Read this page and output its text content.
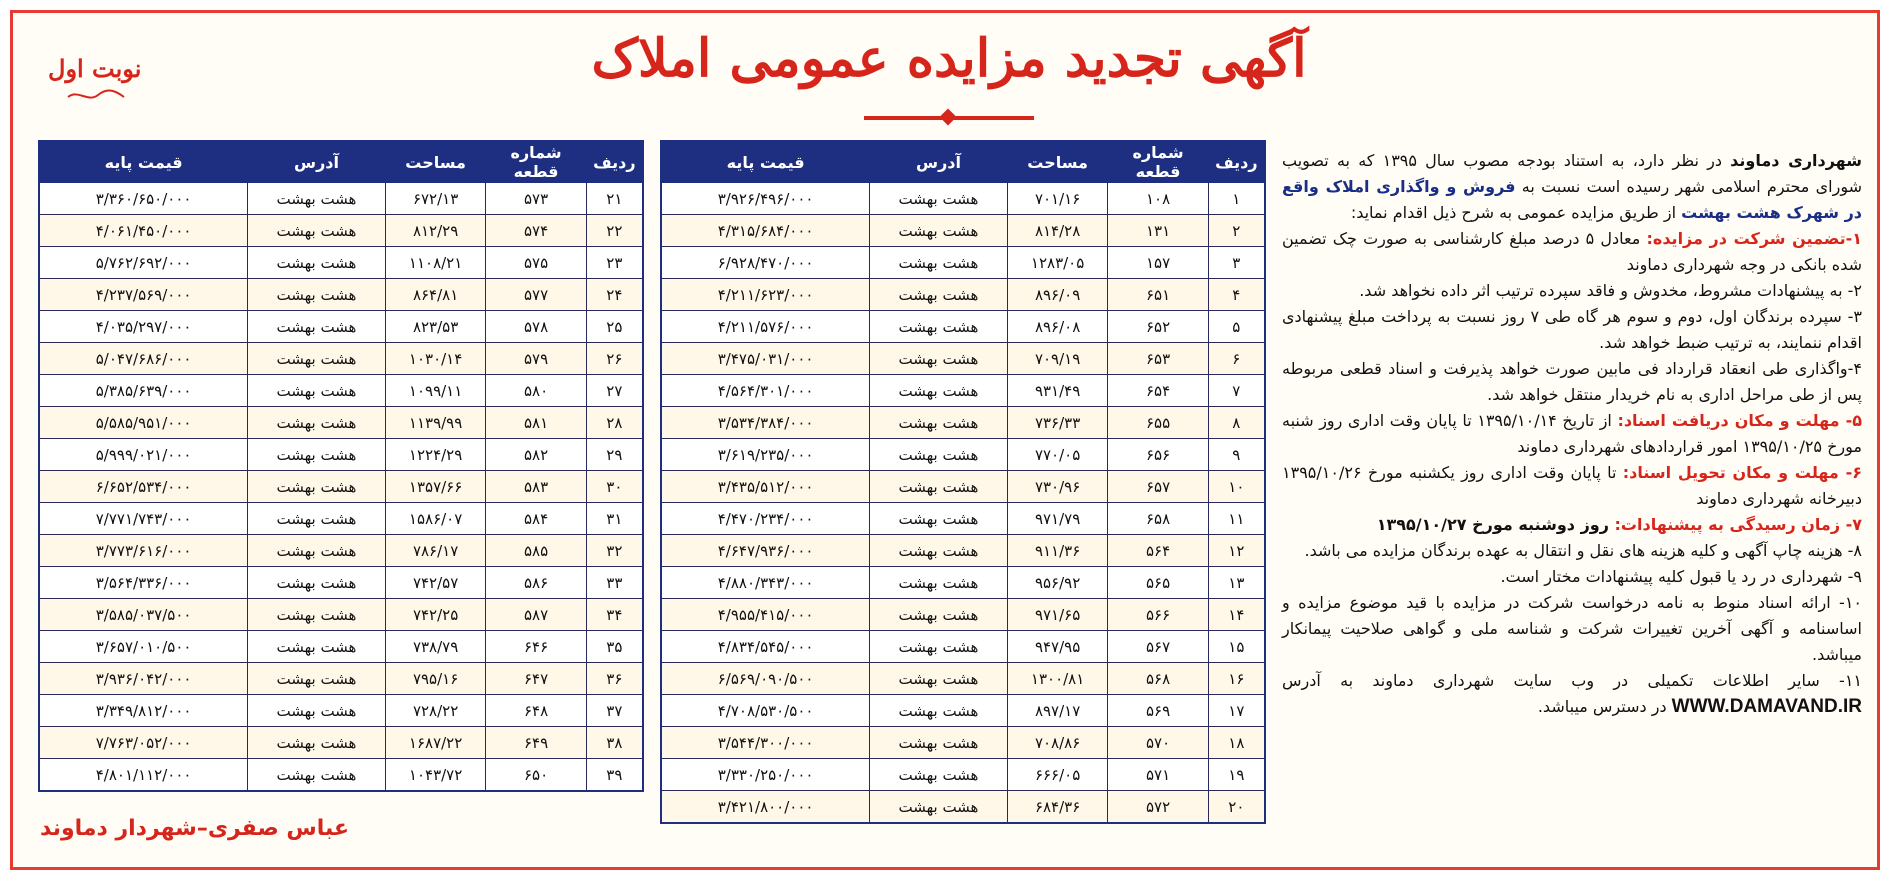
آگهی تجدید مزایده عمومی املاک
نوبت اول

شهرداری دماوند در نظر دارد، به استناد بودجه مصوب سال ۱۳۹۵ که به تصویب شورای محترم اسلامی شهر رسیده است نسبت به فروش و واگذاری املاک واقع در شهرک هشت بهشت از طریق مزایده عمومی به شرح ذیل اقدام نماید:

۱-تضمین شرکت در مزایده: معادل ۵ درصد مبلغ کارشناسی به صورت چک تضمین شده بانکی در وجه شهرداری دماوند

۲- به پیشنهادات مشروط، مخدوش و فاقد سپرده ترتیب اثر داده نخواهد شد.

۳- سپرده برندگان اول، دوم و سوم هر گاه طی ۷ روز نسبت به پرداخت مبلغ پیشنهادی اقدام ننمایند، به ترتیب ضبط خواهد شد.

۴-واگذاری طی انعقاد قرارداد فی مابین صورت خواهد پذیرفت و اسناد قطعی مربوطه پس از طی مراحل اداری به نام خریدار منتقل خواهد شد.

۵- مهلت و مکان دریافت اسناد: از تاریخ ۱۳۹۵/۱۰/۱۴ تا پایان وقت اداری روز شنبه مورخ ۱۳۹۵/۱۰/۲۵ امور قراردادهای شهرداری دماوند

۶- مهلت و مکان تحویل اسناد: تا پایان وقت اداری روز یکشنبه مورخ ۱۳۹۵/۱۰/۲۶ دبیرخانه شهرداری دماوند

۷- زمان رسیدگی به پیشنهادات: روز دوشنبه مورخ ۱۳۹۵/۱۰/۲۷

۸- هزینه چاپ آگهی و کلیه هزینه های نقل و انتقال به عهده برندگان مزایده می باشد.

۹- شهرداری در رد یا قبول کلیه پیشنهادات مختار است.

۱۰- ارائه اسناد منوط به نامه درخواست شرکت در مزایده با قید موضوع مزایده و اساسنامه و آگهی آخرین تغییرات شرکت و شناسه ملی و گواهی صلاحیت پیمانکار میباشد.

۱۱- سایر اطلاعات تکمیلی در وب سایت شهرداری دماوند به آدرس WWW.DAMAVAND.IR در دسترس میباشد.

ردیف	شماره قطعه	مساحت	آدرس	قیمت پایه
۱	۱۰۸	۷۰۱/۱۶	هشت بهشت	۳/۹۲۶/۴۹۶/۰۰۰
۲	۱۳۱	۸۱۴/۲۸	هشت بهشت	۴/۳۱۵/۶۸۴/۰۰۰
۳	۱۵۷	۱۲۸۳/۰۵	هشت بهشت	۶/۹۲۸/۴۷۰/۰۰۰
۴	۶۵۱	۸۹۶/۰۹	هشت بهشت	۴/۲۱۱/۶۲۳/۰۰۰
۵	۶۵۲	۸۹۶/۰۸	هشت بهشت	۴/۲۱۱/۵۷۶/۰۰۰
۶	۶۵۳	۷۰۹/۱۹	هشت بهشت	۳/۴۷۵/۰۳۱/۰۰۰
۷	۶۵۴	۹۳۱/۴۹	هشت بهشت	۴/۵۶۴/۳۰۱/۰۰۰
۸	۶۵۵	۷۳۶/۳۳	هشت بهشت	۳/۵۳۴/۳۸۴/۰۰۰
۹	۶۵۶	۷۷۰/۰۵	هشت بهشت	۳/۶۱۹/۲۳۵/۰۰۰
۱۰	۶۵۷	۷۳۰/۹۶	هشت بهشت	۳/۴۳۵/۵۱۲/۰۰۰
۱۱	۶۵۸	۹۷۱/۷۹	هشت بهشت	۴/۴۷۰/۲۳۴/۰۰۰
۱۲	۵۶۴	۹۱۱/۳۶	هشت بهشت	۴/۶۴۷/۹۳۶/۰۰۰
۱۳	۵۶۵	۹۵۶/۹۲	هشت بهشت	۴/۸۸۰/۳۴۳/۰۰۰
۱۴	۵۶۶	۹۷۱/۶۵	هشت بهشت	۴/۹۵۵/۴۱۵/۰۰۰
۱۵	۵۶۷	۹۴۷/۹۵	هشت بهشت	۴/۸۳۴/۵۴۵/۰۰۰
۱۶	۵۶۸	۱۳۰۰/۸۱	هشت بهشت	۶/۵۶۹/۰۹۰/۵۰۰
۱۷	۵۶۹	۸۹۷/۱۷	هشت بهشت	۴/۷۰۸/۵۳۰/۵۰۰
۱۸	۵۷۰	۷۰۸/۸۶	هشت بهشت	۳/۵۴۴/۳۰۰/۰۰۰
۱۹	۵۷۱	۶۶۶/۰۵	هشت بهشت	۳/۳۳۰/۲۵۰/۰۰۰
۲۰	۵۷۲	۶۸۴/۳۶	هشت بهشت	۳/۴۲۱/۸۰۰/۰۰۰
ردیف	شماره قطعه	مساحت	آدرس	قیمت پایه
۲۱	۵۷۳	۶۷۲/۱۳	هشت بهشت	۳/۳۶۰/۶۵۰/۰۰۰
۲۲	۵۷۴	۸۱۲/۲۹	هشت بهشت	۴/۰۶۱/۴۵۰/۰۰۰
۲۳	۵۷۵	۱۱۰۸/۲۱	هشت بهشت	۵/۷۶۲/۶۹۲/۰۰۰
۲۴	۵۷۷	۸۶۴/۸۱	هشت بهشت	۴/۲۳۷/۵۶۹/۰۰۰
۲۵	۵۷۸	۸۲۳/۵۳	هشت بهشت	۴/۰۳۵/۲۹۷/۰۰۰
۲۶	۵۷۹	۱۰۳۰/۱۴	هشت بهشت	۵/۰۴۷/۶۸۶/۰۰۰
۲۷	۵۸۰	۱۰۹۹/۱۱	هشت بهشت	۵/۳۸۵/۶۳۹/۰۰۰
۲۸	۵۸۱	۱۱۳۹/۹۹	هشت بهشت	۵/۵۸۵/۹۵۱/۰۰۰
۲۹	۵۸۲	۱۲۲۴/۲۹	هشت بهشت	۵/۹۹۹/۰۲۱/۰۰۰
۳۰	۵۸۳	۱۳۵۷/۶۶	هشت بهشت	۶/۶۵۲/۵۳۴/۰۰۰
۳۱	۵۸۴	۱۵۸۶/۰۷	هشت بهشت	۷/۷۷۱/۷۴۳/۰۰۰
۳۲	۵۸۵	۷۸۶/۱۷	هشت بهشت	۳/۷۷۳/۶۱۶/۰۰۰
۳۳	۵۸۶	۷۴۲/۵۷	هشت بهشت	۳/۵۶۴/۳۳۶/۰۰۰
۳۴	۵۸۷	۷۴۲/۲۵	هشت بهشت	۳/۵۸۵/۰۳۷/۵۰۰
۳۵	۶۴۶	۷۳۸/۷۹	هشت بهشت	۳/۶۵۷/۰۱۰/۵۰۰
۳۶	۶۴۷	۷۹۵/۱۶	هشت بهشت	۳/۹۳۶/۰۴۲/۰۰۰
۳۷	۶۴۸	۷۲۸/۲۲	هشت بهشت	۳/۳۴۹/۸۱۲/۰۰۰
۳۸	۶۴۹	۱۶۸۷/۲۲	هشت بهشت	۷/۷۶۳/۰۵۲/۰۰۰
۳۹	۶۵۰	۱۰۴۳/۷۲	هشت بهشت	۴/۸۰۱/۱۱۲/۰۰۰
عباس صفری–شهردار دماوند
